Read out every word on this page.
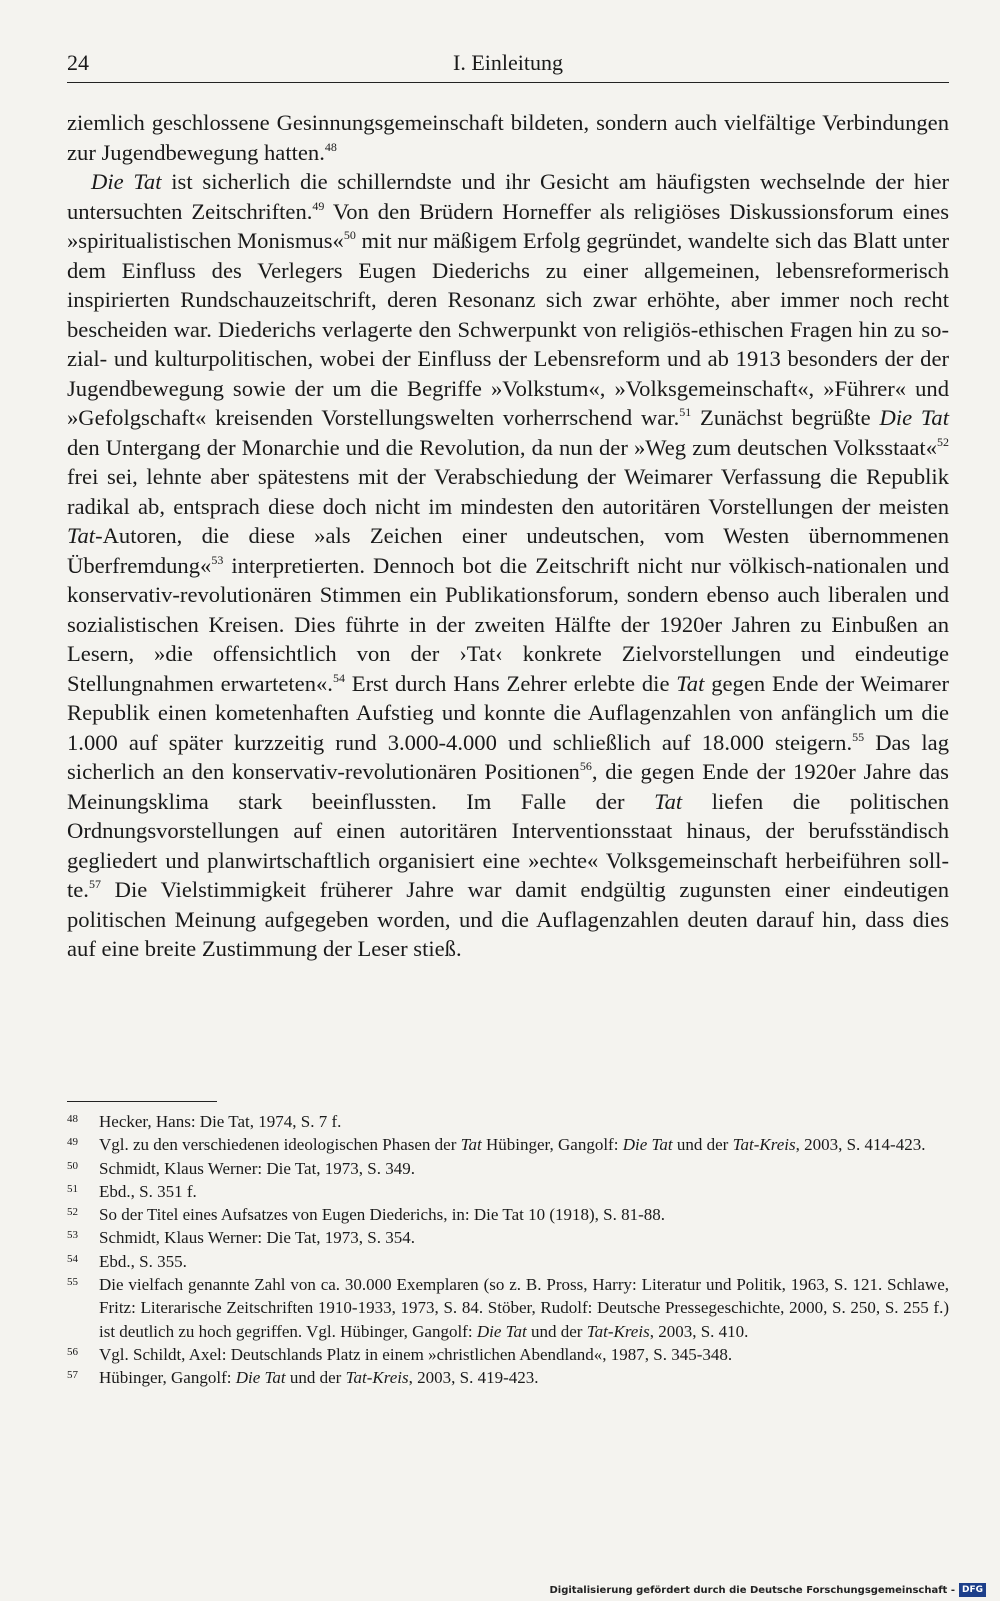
24	I. Einleitung

ziemlich geschlossene Gesinnungsgemeinschaft bildeten, sondern auch vielfältige Verbindungen zur Jugendbewegung hatten.$^{48}$

Die Tat ist sicherlich die schillerndste und ihr Gesicht am häufigsten wechselnde der hier untersuchten Zeitschriften.$^{49}$ Von den Brüdern Horneffer als religiöses Diskussionsforum eines »spiritualistischen Monismus«$^{50}$ mit nur mäßigem Erfolg gegründet, wandelte sich das Blatt unter dem Einfluss des Verlegers Eugen Diederichs zu einer allgemeinen, lebensreformerisch inspirierten Rundschauzeitschrift, deren Resonanz sich zwar erhöhte, aber immer noch recht bescheiden war. Diederichs verlagerte den Schwerpunkt von religiös-ethischen Fragen hin zu sozial- und kulturpolitischen, wobei der Einfluss der Lebensreform und ab 1913 besonders der der Jugendbewegung sowie der um die Begriffe »Volkstum«, »Volksgemeinschaft«, »Führer« und »Gefolgschaft« kreisenden Vorstellungswelten vorherrschend war.$^{51}$ Zunächst begrüßte Die Tat den Untergang der Monarchie und die Revolution, da nun der »Weg zum deutschen Volksstaat«$^{52}$ frei sei, lehnte aber spätestens mit der Verabschiedung der Weimarer Verfassung die Republik radikal ab, entsprach diese doch nicht im mindesten den autoritären Vorstellungen der meisten Tat-Autoren, die diese »als Zeichen einer undeutschen, vom Westen übernommenen Überfremdung«$^{53}$ interpretierten. Dennoch bot die Zeitschrift nicht nur völkisch-nationalen und konservativ-revolutionären Stimmen ein Publikationsforum, sondern ebenso auch liberalen und sozialistischen Kreisen. Dies führte in der zweiten Hälfte der 1920er Jahren zu Einbußen an Lesern, »die offensichtlich von der ›Tat‹ konkrete Zielvorstellungen und eindeutige Stellungnahmen erwarteten«.$^{54}$ Erst durch Hans Zehrer erlebte die Tat gegen Ende der Weimarer Republik einen kometenhaften Aufstieg und konnte die Auflagenzahlen von anfänglich um die 1.000 auf später kurzzeitig rund 3.000-4.000 und schließlich auf 18.000 steigern.$^{55}$ Das lag sicherlich an den konservativ-revolutionären Positionen$^{56}$, die gegen Ende der 1920er Jahre das Meinungsklima stark beeinflussten. Im Falle der Tat liefen die politischen Ordnungsvorstellungen auf einen autoritären Interventionsstaat hinaus, der berufsständisch gegliedert und planwirtschaftlich organisiert eine »echte« Volksgemeinschaft herbeiführen sollte.$^{57}$ Die Vielstimmigkeit früherer Jahre war damit endgültig zugunsten einer eindeutigen politischen Meinung aufgegeben worden, und die Auflagenzahlen deuten darauf hin, dass dies auf eine breite Zustimmung der Leser stieß.

48 Hecker, Hans: Die Tat, 1974, S. 7 f.
49 Vgl. zu den verschiedenen ideologischen Phasen der Tat Hübinger, Gangolf: Die Tat und der Tat-Kreis, 2003, S. 414-423.
50 Schmidt, Klaus Werner: Die Tat, 1973, S. 349.
51 Ebd., S. 351 f.
52 So der Titel eines Aufsatzes von Eugen Diederichs, in: Die Tat 10 (1918), S. 81-88.
53 Schmidt, Klaus Werner: Die Tat, 1973, S. 354.
54 Ebd., S. 355.
55 Die vielfach genannte Zahl von ca. 30.000 Exemplaren (so z. B. Pross, Harry: Literatur und Politik, 1963, S. 121. Schlawe, Fritz: Literarische Zeitschriften 1910-1933, 1973, S. 84. Stöber, Rudolf: Deutsche Pressegeschichte, 2000, S. 250, S. 255 f.) ist deutlich zu hoch gegriffen. Vgl. Hübinger, Gangolf: Die Tat und der Tat-Kreis, 2003, S. 410.
56 Vgl. Schildt, Axel: Deutschlands Platz in einem »christlichen Abendland«, 1987, S. 345-348.
57 Hübinger, Gangolf: Die Tat und der Tat-Kreis, 2003, S. 419-423.
Digitalisierung gefördert durch die Deutsche Forschungsgemeinschaft - DFG
